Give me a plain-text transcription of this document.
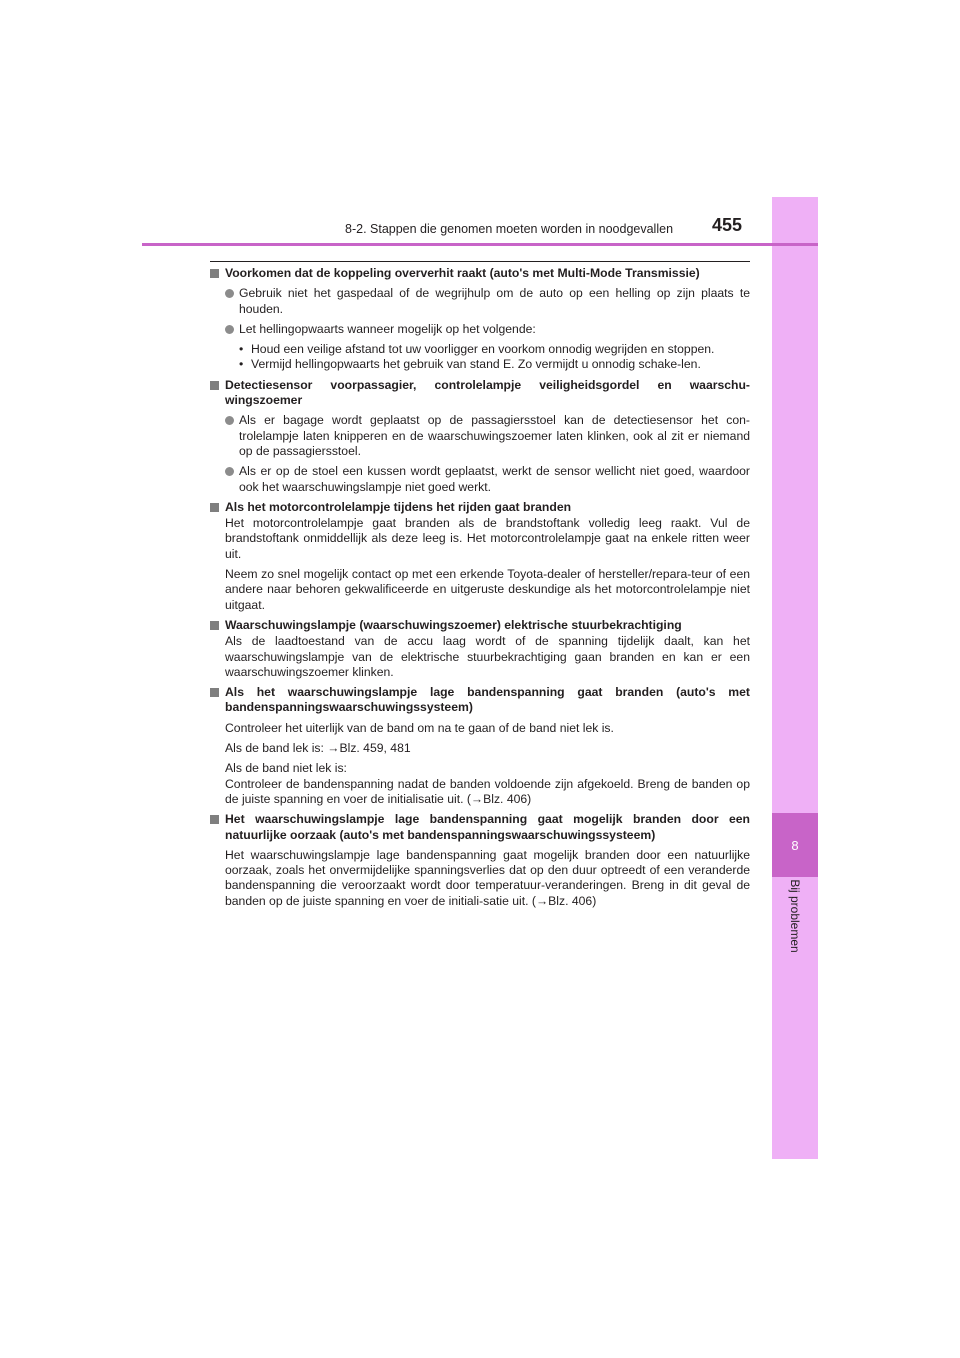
8
Bij problemen
8-2. Stappen die genomen moeten worden in noodgevallen 455
Voorkomen dat de koppeling oververhit raakt (auto's met Multi-Mode Transmissie)
Gebruik niet het gaspedaal of de wegrijhulp om de auto op een helling op zijn plaats te houden.
Let hellingopwaarts wanneer mogelijk op het volgende:
• Houd een veilige afstand tot uw voorligger en voorkom onnodig wegrijden en stoppen.
• Vermijd hellingopwaarts het gebruik van stand E. Zo vermijdt u onnodig schake-len.
Detectiesensor voorpassagier, controlelampje veiligheidsgordel en waarschu-wingszoemer
Als er bagage wordt geplaatst op de passagiersstoel kan de detectiesensor het con-trolelampje laten knipperen en de waarschuwingszoemer laten klinken, ook al zit er niemand op de passagiersstoel.
Als er op de stoel een kussen wordt geplaatst, werkt de sensor wellicht niet goed, waardoor ook het waarschuwingslampje niet goed werkt.
Als het motorcontrolelampje tijdens het rijden gaat branden
Het motorcontrolelampje gaat branden als de brandstoftank volledig leeg raakt. Vul de brandstoftank onmiddellijk als deze leeg is. Het motorcontrolelampje gaat na enkele ritten weer uit.
Neem zo snel mogelijk contact op met een erkende Toyota-dealer of hersteller/repara-teur of een andere naar behoren gekwalificeerde en uitgeruste deskundige als het motorcontrolelampje niet uitgaat.
Waarschuwingslampje (waarschuwingszoemer) elektrische stuurbekrachtiging
Als de laadtoestand van de accu laag wordt of de spanning tijdelijk daalt, kan het waarschuwingslampje van de elektrische stuurbekrachtiging gaan branden en kan er een waarschuwingszoemer klinken.
Als het waarschuwingslampje lage bandenspanning gaat branden (auto's met bandenspanningswaarschuwingssysteem)
Controleer het uiterlijk van de band om na te gaan of de band niet lek is.
Als de band lek is: →Blz. 459, 481
Als de band niet lek is:
Controleer de bandenspanning nadat de banden voldoende zijn afgekoeld. Breng de banden op de juiste spanning en voer de initialisatie uit. (→Blz. 406)
Het waarschuwingslampje lage bandenspanning gaat mogelijk branden door een natuurlijke oorzaak (auto's met bandenspanningswaarschuwingssysteem)
Het waarschuwingslampje lage bandenspanning gaat mogelijk branden door een natuurlijke oorzaak, zoals het onvermijdelijke spanningsverlies dat op den duur optreedt of een veranderde bandenspanning die veroorzaakt wordt door temperatuur-veranderingen. Breng in dit geval de banden op de juiste spanning en voer de initiali-satie uit. (→Blz. 406)
